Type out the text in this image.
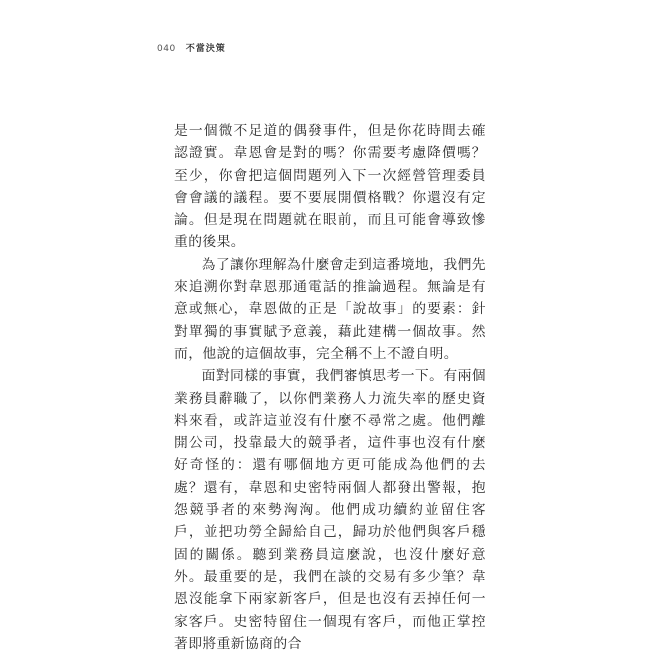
040 不當決策

是一個微不足道的偶發事件，但是你花時間去確認證實。韋恩會是對的嗎？你需要考慮降價嗎？至少，你會把這個問題列入下一次經營管理委員會會議的議程。要不要展開價格戰？你還沒有定論。但是現在問題就在眼前，而且可能會導致慘重的後果。

為了讓你理解為什麼會走到這番境地，我們先來追溯你對韋恩那通電話的推論過程。無論是有意或無心，韋恩做的正是「說故事」的要素：針對單獨的事實賦予意義，藉此建構一個故事。然而，他說的這個故事，完全稱不上不證自明。

面對同樣的事實，我們審慎思考一下。有兩個業務員辭職了，以你們業務人力流失率的歷史資料來看，或許這並沒有什麼不尋常之處。他們離開公司，投靠最大的競爭者，這件事也沒有什麼好奇怪的：還有哪個地方更可能成為他們的去處？還有，韋恩和史密特兩個人都發出警報，抱怨競爭者的來勢洶洶。他們成功續約並留住客戶，並把功勞全歸給自己，歸功於他們與客戶穩固的關係。聽到業務員這麼說，也沒什麼好意外。最重要的是，我們在談的交易有多少筆？韋恩沒能拿下兩家新客戶，但是也沒有丟掉任何一家客戶。史密特留住一個現有客戶，而他正掌控著即將重新協商的合
